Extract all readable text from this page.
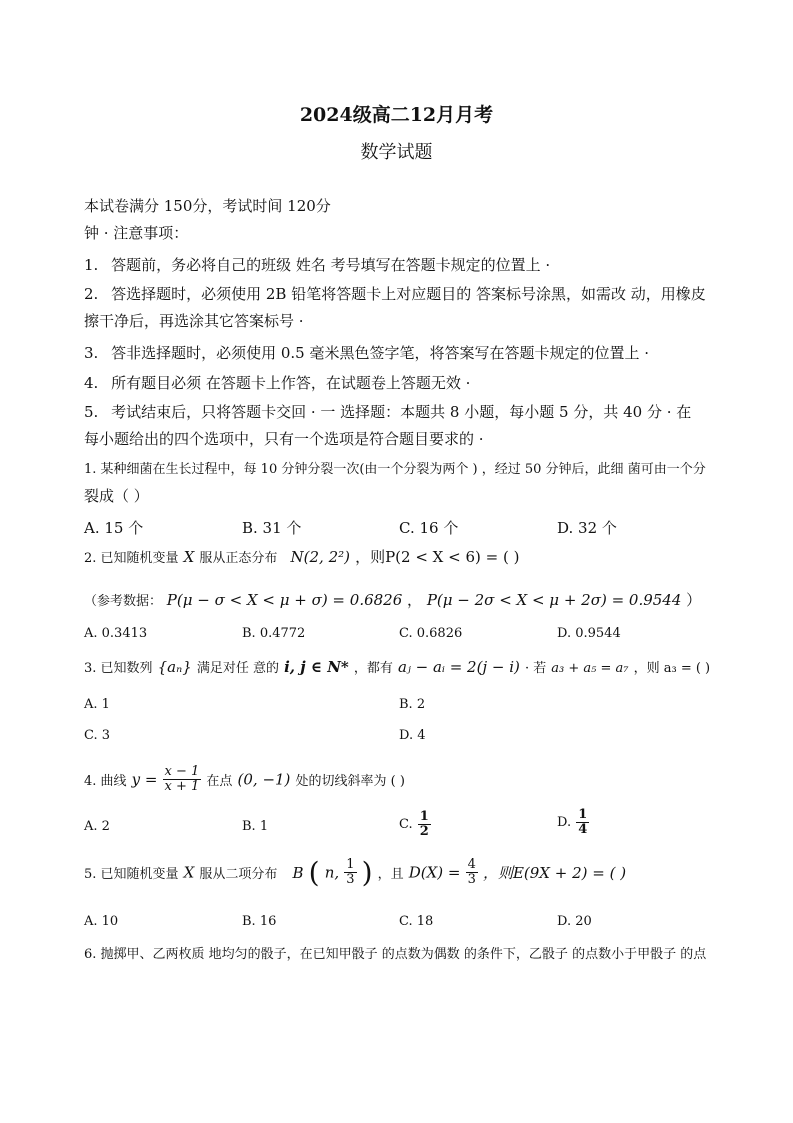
2024级高二12月月考
数学试题
本试卷满分 150分，考试时间 120分
钟 · 注意事项：
1. 答题前，务必将自己的班级 姓名 考号填写在答题卡规定的位置上 ·
2. 答选择题时，必须使用 2B 铅笔将答题卡上对应题目的 答案标号涂黑，如需改 动，用橡皮
擦干净后，再选涂其它答案标号 ·
3. 答非选择题时，必须使用 0.5 毫米黑色签字笔，将答案写在答题卡规定的位置上 ·
4. 所有题目必须 在答题卡上作答，在试题卷上答题无效 ·
5. 考试结束后，只将答题卡交回 · 一 选择题：本题共 8 小题，每小题 5 分，共 40 分 · 在
每小题给出的四个选项中，只有一个选项是符合题目要求的 ·
1. 某种细菌在生长过程中，每 10 分钟分裂一次(由一个分裂为两个 ) ，经过 50 分钟后，此细 菌可由一个分
裂成（ ）
A. 15 个	B. 31 个	C. 16 个	D. 32 个
2. 已知随机变量 X 服从正态分布 N(2, 2²) ，则P(2 < X < 6) = ( )
（参考数据： P(μ − σ < X < μ + σ) = 0.6826 ， P(μ − 2σ < X < μ + 2σ) = 0.9544 ）
A. 0.3413	B. 0.4772	C. 0.6826	D. 0.9544
3. 已知数列 {aₙ} 满足对任 意的 i, j ∈ N* ，都有 aⱼ − aᵢ = 2(j − i) · 若 a₃ + a₅ = a₇ ，则 a₃ = ( )
A. 1	B. 2
C. 3	D. 4
4. 曲线 $y = \frac{x - 1}{x + 1}$ 在点 (0, −1) 处的切线斜率为 ( )
A. 2	B. 1	C. $\frac{1}{2}$	D. $\frac{1}{4}$
5. 已知随机变量 X 服从二项分布 B ( n, $\frac{1}{3}$ ) ，且 $D(X) = \frac{4}{3}$ ，则E(9X + 2) = ( )
A. 10	B. 16	C. 18	D. 20
6. 抛掷甲、乙两枚质 地均匀的骰子，在已知甲骰子 的点数为偶数 的条件下，乙骰子 的点数小于甲骰子 的点
